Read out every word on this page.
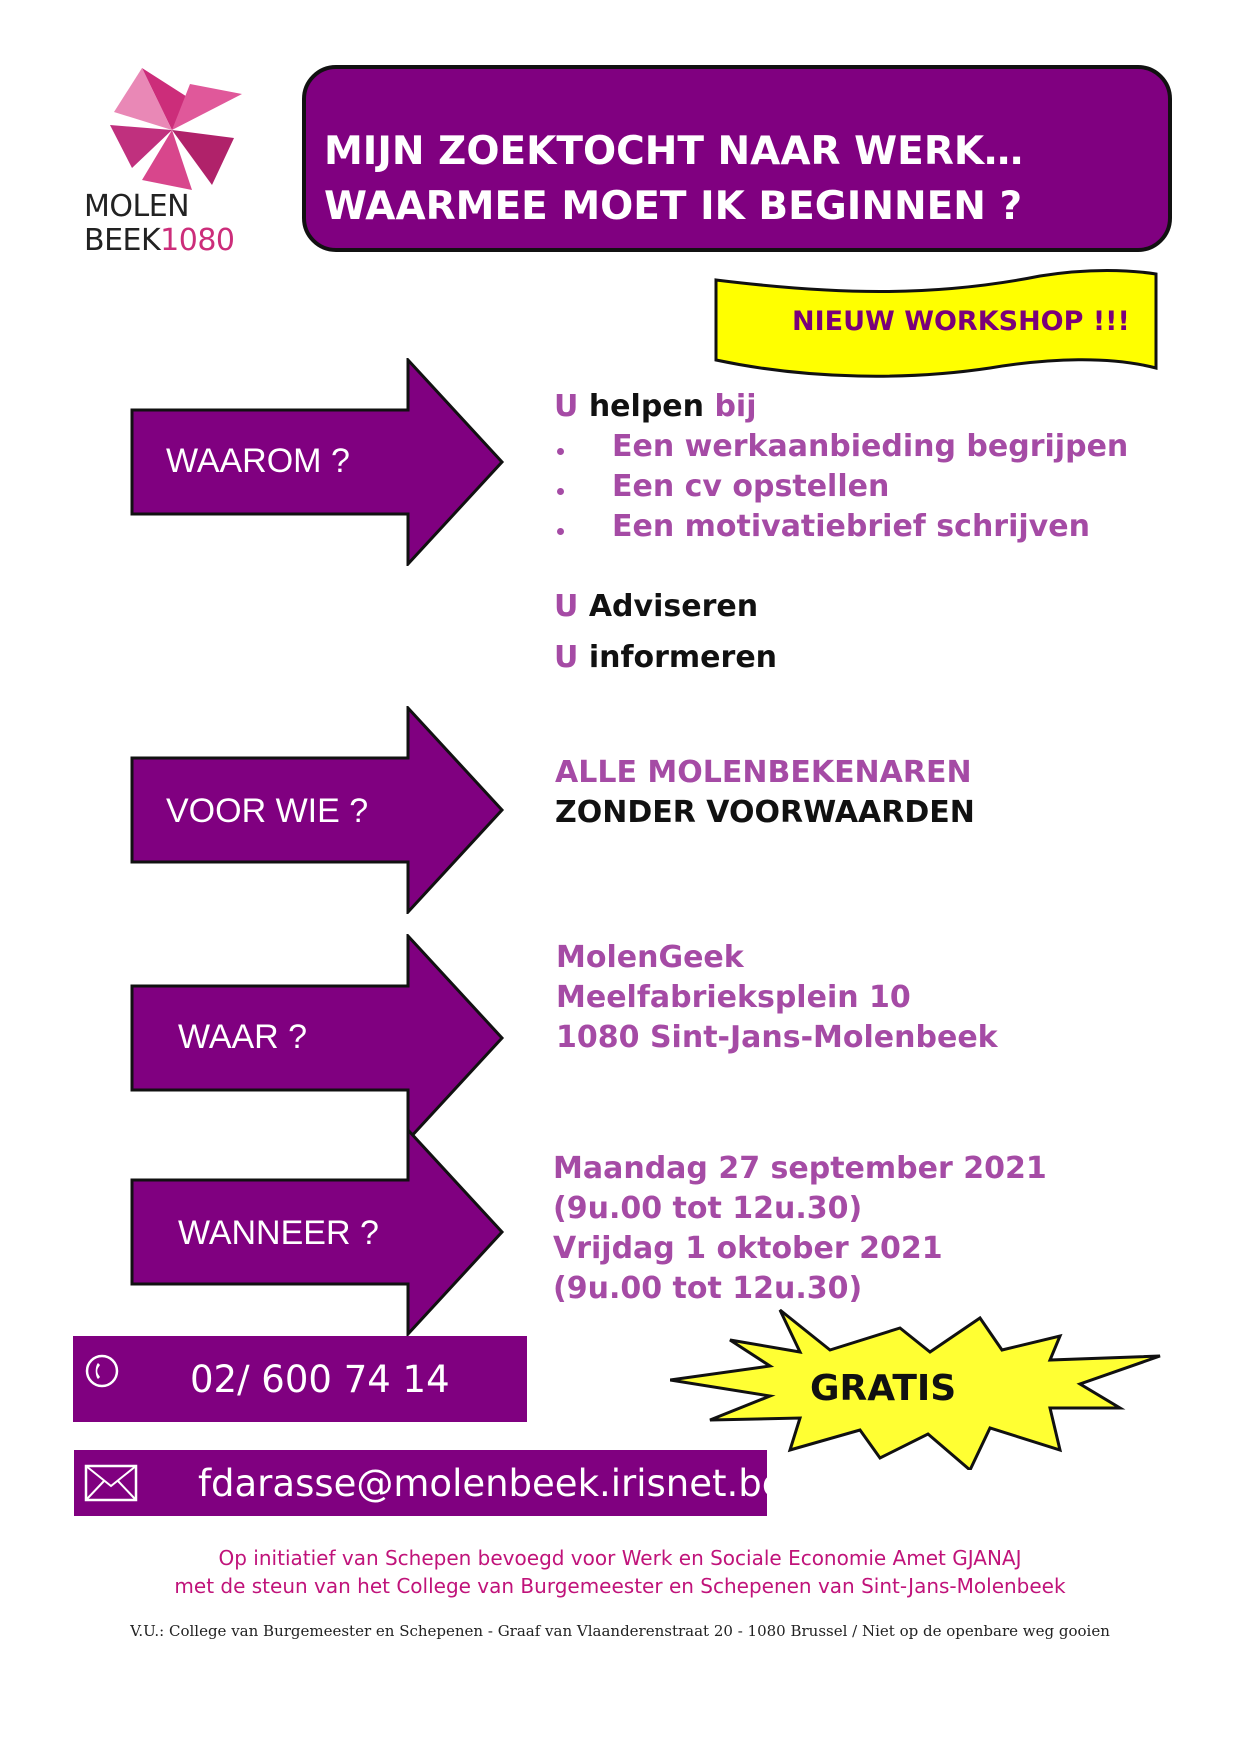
MOLEN
BEEK1080
MIJN ZOEKTOCHT NAAR WERK…
WAARMEE MOET IK BEGINNEN ?
NIEUW WORKSHOP !!!
WAAROM ?
U helpen bij
Een werkaanbieding begrijpen
Een cv opstellen
Een motivatiebrief schrijven
U Adviseren
U informeren
VOOR WIE ?
ALLE MOLENBEKENAREN
ZONDER VOORWAARDEN
WAAR ?
MolenGeek
Meelfabrieksplein 10
1080 Sint-Jans-Molenbeek
WANNEER ?
Maandag 27 september 2021
(9u.00 tot 12u.30)
Vrijdag 1 oktober 2021
(9u.00 tot 12u.30)
02/ 600 74 14
fdarasse@molenbeek.irisnet.be
GRATIS
Op initiatief van Schepen bevoegd voor Werk en Sociale Economie Amet GJANAJ
met de steun van het College van Burgemeester en Schepenen van Sint-Jans-Molenbeek
V.U.: College van Burgemeester en Schepenen - Graaf van Vlaanderenstraat 20 - 1080 Brussel / Niet op de openbare weg gooien
